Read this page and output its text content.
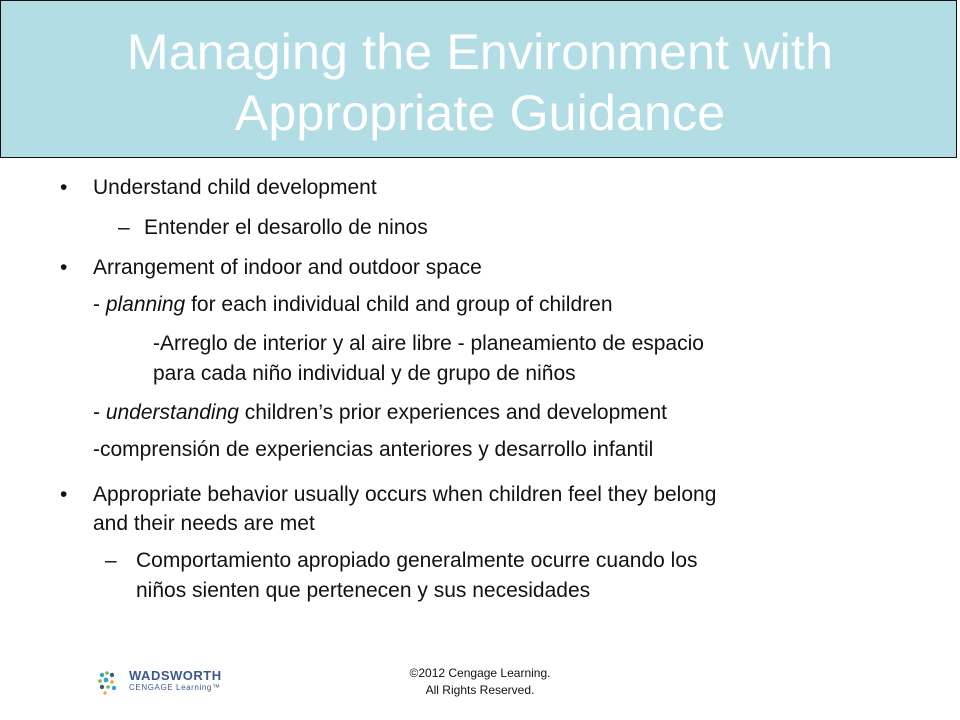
Managing the Environment with
Appropriate Guidance
• Understand child development
– Entender el desarollo de ninos
• Arrangement of indoor and outdoor space
- planning for each individual child and group of children
-Arreglo de interior y al aire libre - planeamiento de espacio
para cada niño individual y de grupo de niños
- understanding children’s prior experiences and development
-comprensión de experiencias anteriores y desarrollo infantil
• Appropriate behavior usually occurs when children feel they belong
and their needs are met
– Comportamiento apropiado generalmente ocurre cuando los
niños sienten que pertenecen y sus necesidades
WADSWORTH
CENGAGE Learning™
©2012 Cengage Learning.
All Rights Reserved.
